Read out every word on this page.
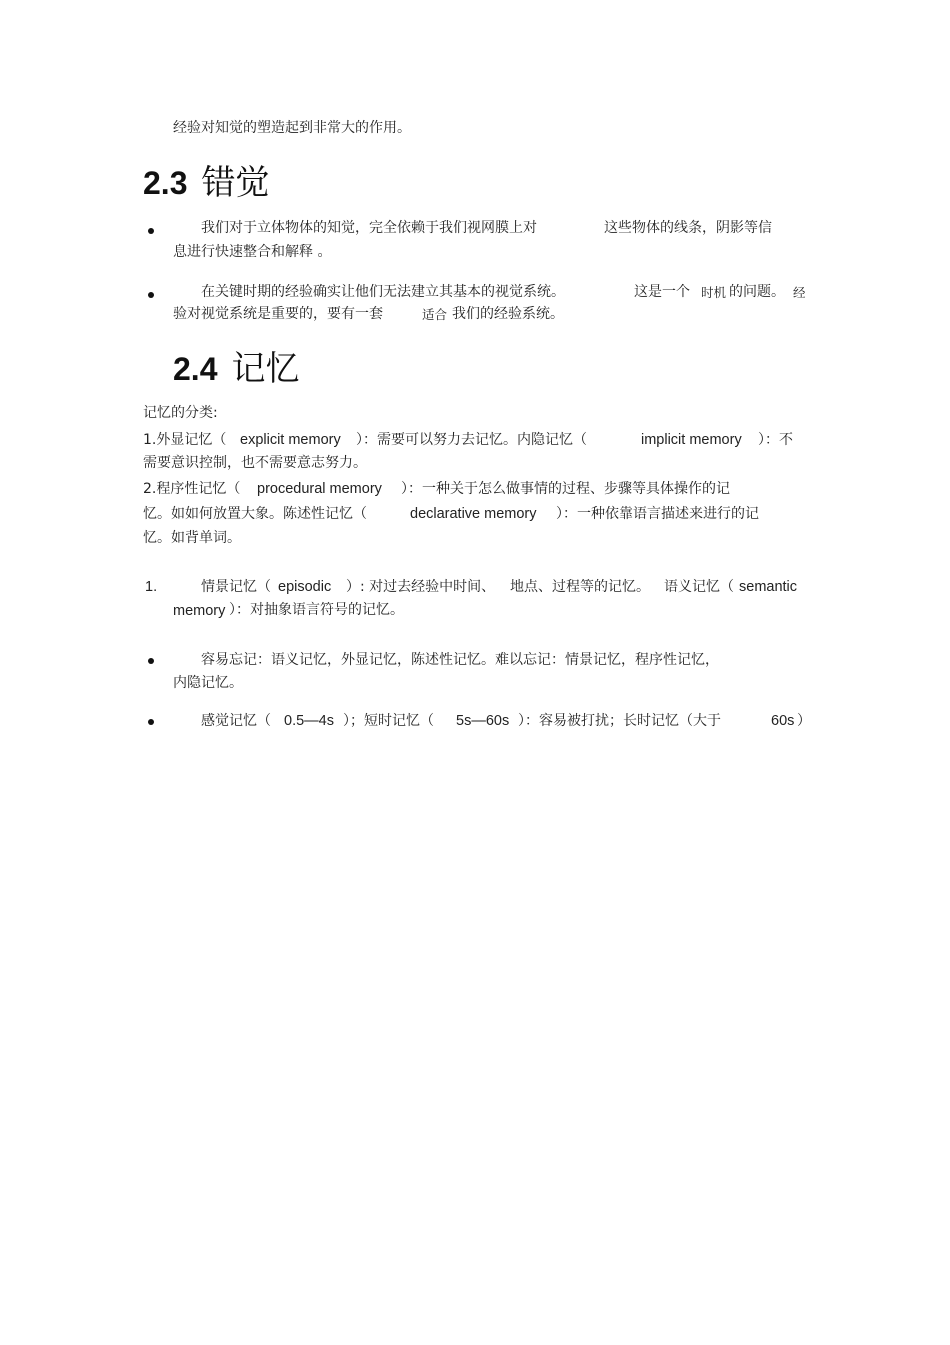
经验对知觉的塑造起到非常大的作用。
2.3 错觉
我们对于立体物体的知觉，完全依赖于我们视网膜上对	这些物体的线条，阴影等信
息进行快速整合和解释 。
在关键时期的经验确实让他们无法建立其基本的视觉系统。	这是一个 时机 的问题。 经
验对视觉系统是重要的，要有一套	适合 我们的经验系统。
2.4 记忆
记忆的分类:
1.外显记忆（ explicit memory ）：需要可以努力去记忆。内隐记忆（	implicit memory ）：不
需要意识控制，也不需要意志努力。
2.程序性记忆（ procedural memory ）：一种关于怎么做事情的过程、步骤等具体操作的记
忆。如如何放置大象。陈述性记忆（	declarative memory ）：一种依靠语言描述来进行的记
忆。如背单词。
1.	情景记忆（ episodic ）: 对过去经验中时间、 地点、过程等的记忆。 语义记忆（ semantic
memory ）：对抽象语言符号的记忆。
容易忘记：语义记忆，外显记忆，陈述性记忆。难以忘记：情景记忆，程序性记忆，
内隐记忆。
感觉记忆（ 0.5—4s ）；短时记忆（ 5s—60s ）：容易被打扰；长时记忆（大于	60s ）
